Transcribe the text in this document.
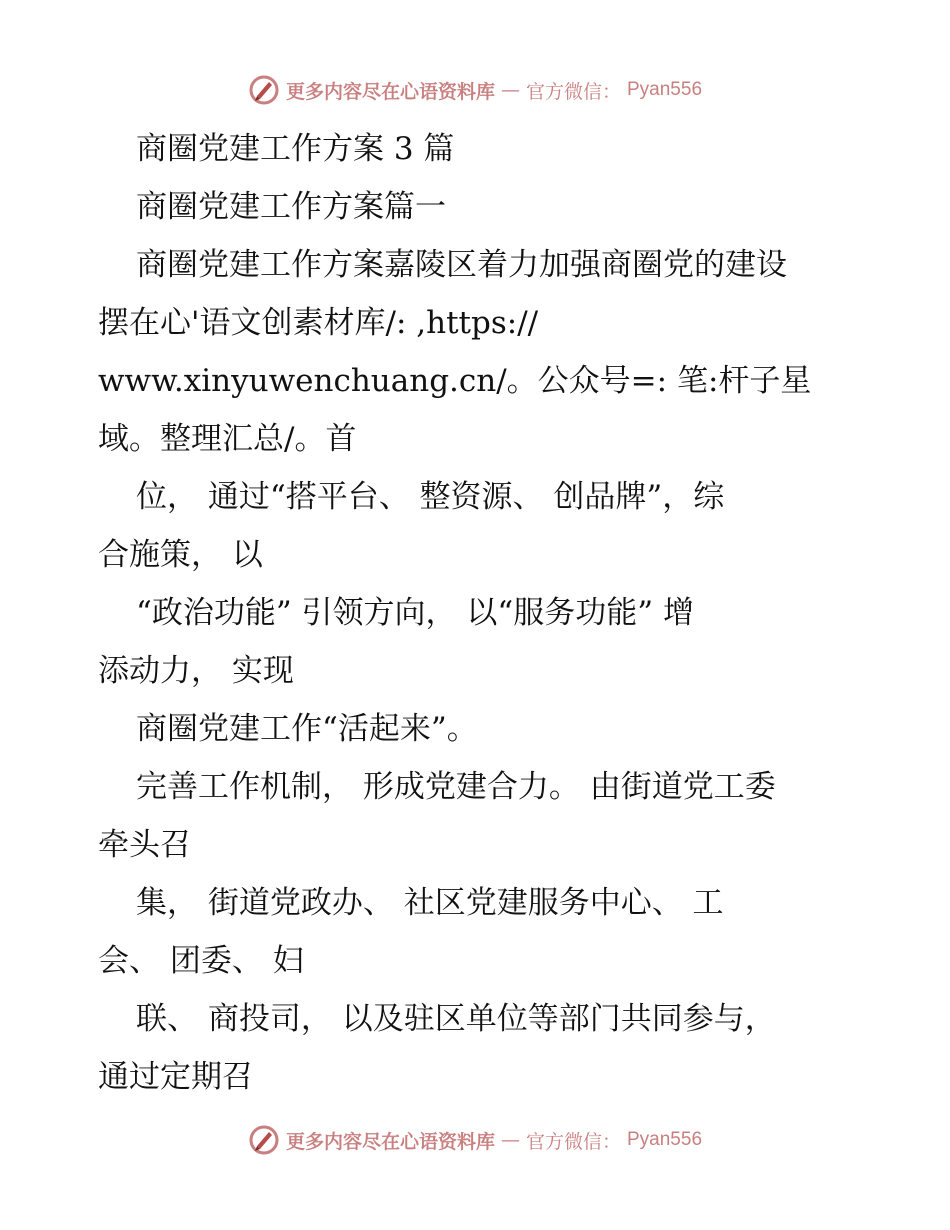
更多内容尽在心语资料库 — 官方微信： Pyan556
商圈党建工作方案 3 篇
商圈党建工作方案篇一
商圈党建工作方案嘉陵区着力加强商圈党的建设
摆在心'语文创素材库/: ,https://
www.xinyuwenchuang.cn/。公众号=: 笔:杆子星
域。整理汇总/。首
位， 通过“搭平台、 整资源、 创品牌”，综
合施策， 以
“政治功能” 引领方向， 以“服务功能” 增
添动力， 实现
商圈党建工作“活起来”。
完善工作机制， 形成党建合力。 由街道党工委
牵头召
集， 街道党政办、 社区党建服务中心、 工
会、 团委、 妇
联、 商投司， 以及驻区单位等部门共同参与，
通过定期召
更多内容尽在心语资料库 — 官方微信： Pyan556
